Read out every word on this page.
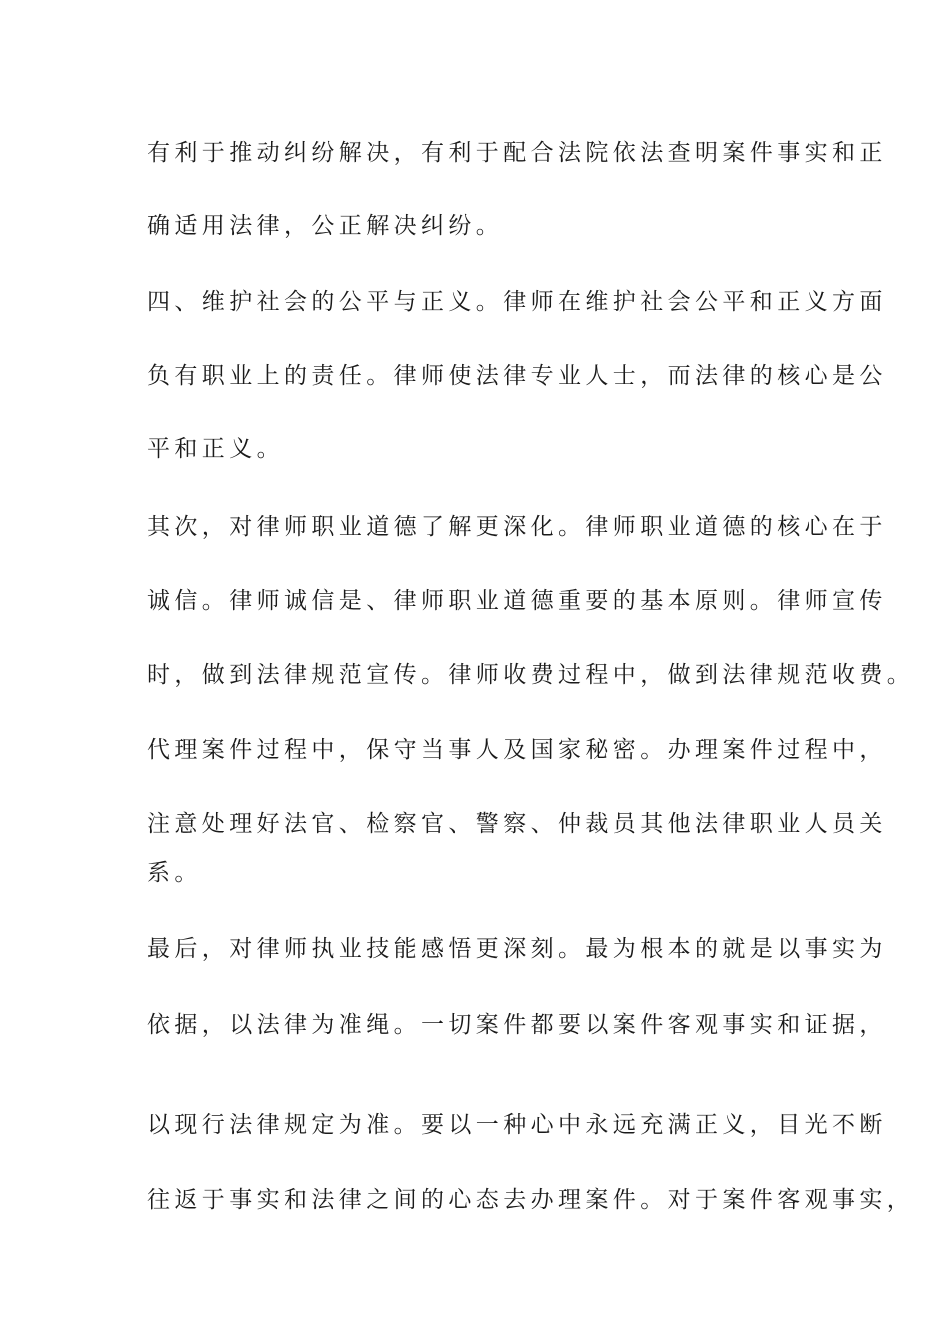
有利于推动纠纷解决，有利于配合法院依法查明案件事实和正
确适用法律，公正解决纠纷。
四、维护社会的公平与正义。律师在维护社会公平和正义方面
负有职业上的责任。律师使法律专业人士，而法律的核心是公
平和正义。
其次，对律师职业道德了解更深化。律师职业道德的核心在于
诚信。律师诚信是、律师职业道德重要的基本原则。律师宣传
时，做到法律规范宣传。律师收费过程中，做到法律规范收费。
代理案件过程中，保守当事人及国家秘密。办理案件过程中，
注意处理好法官、检察官、警察、仲裁员其他法律职业人员关
系。
最后，对律师执业技能感悟更深刻。最为根本的就是以事实为
依据，以法律为准绳。一切案件都要以案件客观事实和证据，
以现行法律规定为准。要以一种心中永远充满正义，目光不断
往返于事实和法律之间的心态去办理案件。对于案件客观事实，
